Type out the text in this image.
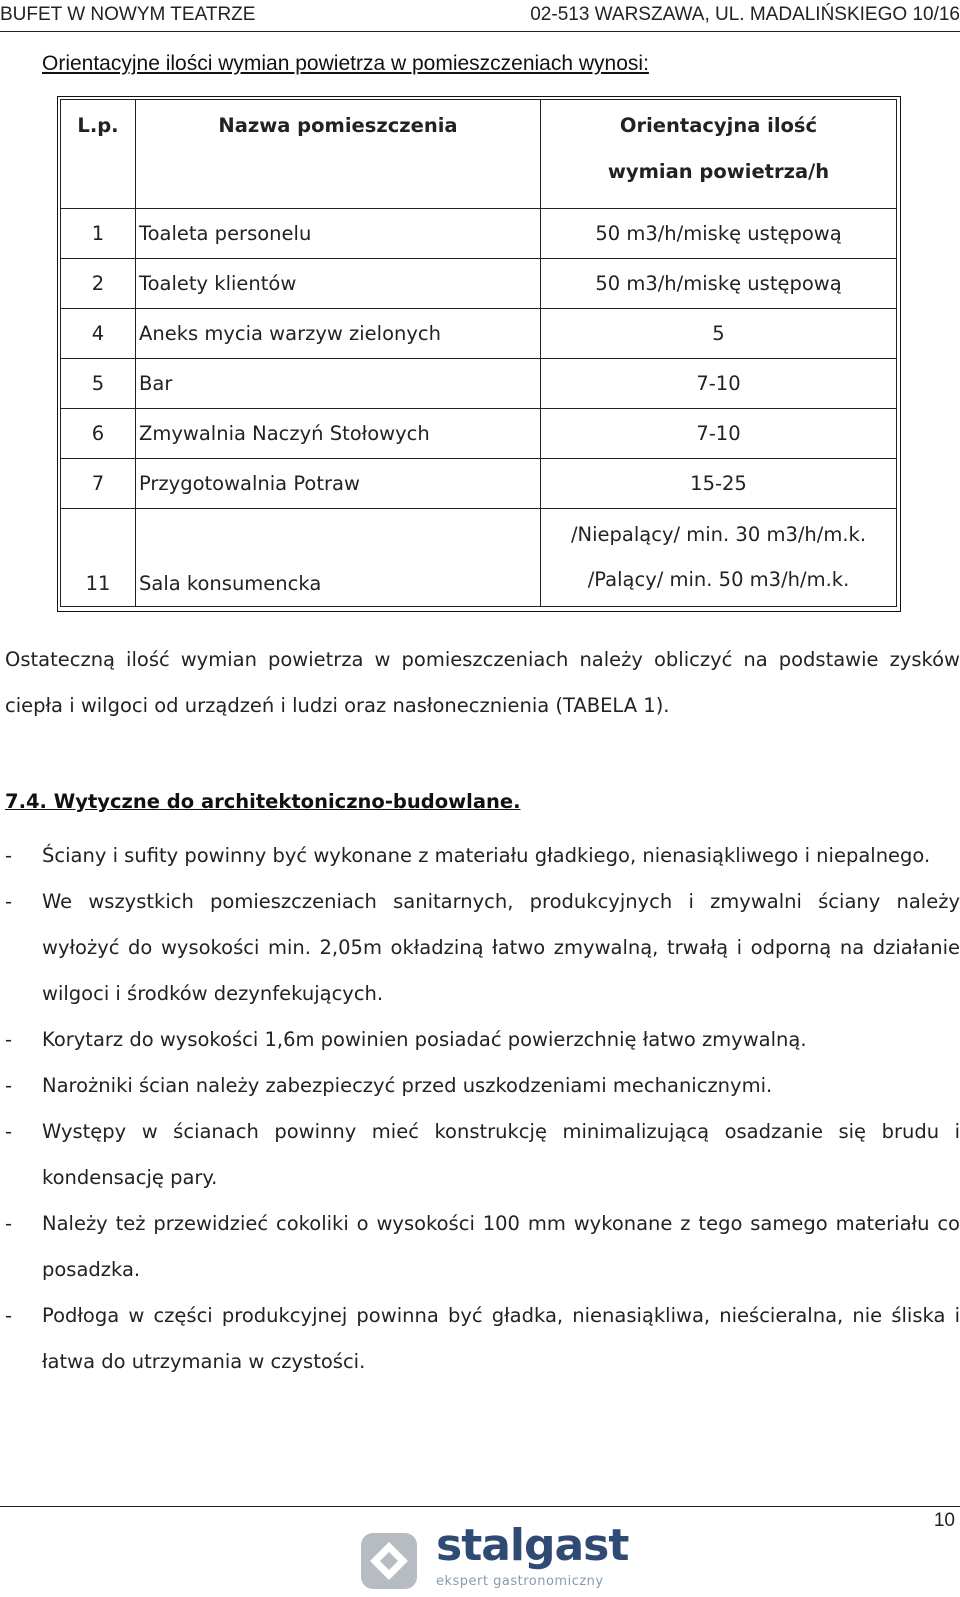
BUFET W NOWYM TEATRZE	02-513 WARSZAWA, UL. MADALIŃSKIEGO 10/16
Orientacyjne ilości wymian powietrza w pomieszczeniach wynosi:
L.p.	Nazwa pomieszczenia	Orientacyjna ilość
wymian powietrza/h

1	Toaleta personelu	50 m3/h/miskę ustępową
2	Toalety klientów	50 m3/h/miskę ustępową
4	Aneks mycia warzyw zielonych	5
5	Bar	7-10
6	Zmywalnia Naczyń Stołowych	7-10
7	Przygotowalnia Potraw	15-25
11	Sala konsumencka	/Niepalący/ min. 30 m3/h/m.k.
/Palący/ min. 50 m3/h/m.k.
Ostateczną ilość wymian powietrza w pomieszczeniach należy obliczyć na podstawie zysków ciepła i wilgoci od urządzeń i ludzi oraz nasłonecznienia (TABELA 1).
7.4. Wytyczne do architektoniczno-budowlane.
- Ściany i sufity powinny być wykonane z materiału gładkiego, nienasiąkliwego i niepalnego.
- We wszystkich pomieszczeniach sanitarnych, produkcyjnych i zmywalni ściany należy wyłożyć do wysokości min. 2,05m okładziną łatwo zmywalną, trwałą i odporną na działanie wilgoci i środków dezynfekujących.
- Korytarz do wysokości 1,6m powinien posiadać powierzchnię łatwo zmywalną.
- Narożniki ścian należy zabezpieczyć przed uszkodzeniami mechanicznymi.
- Występy w ścianach powinny mieć konstrukcję minimalizującą osadzanie się brudu i kondensację pary.
- Należy też przewidzieć cokoliki o wysokości 100 mm wykonane z tego samego materiału co posadzka.
- Podłoga w części produkcyjnej powinna być gładka, nienasiąkliwa, nieścieralna, nie śliska i łatwa do utrzymania w czystości.
10
stalgast
ekspert gastronomiczny
